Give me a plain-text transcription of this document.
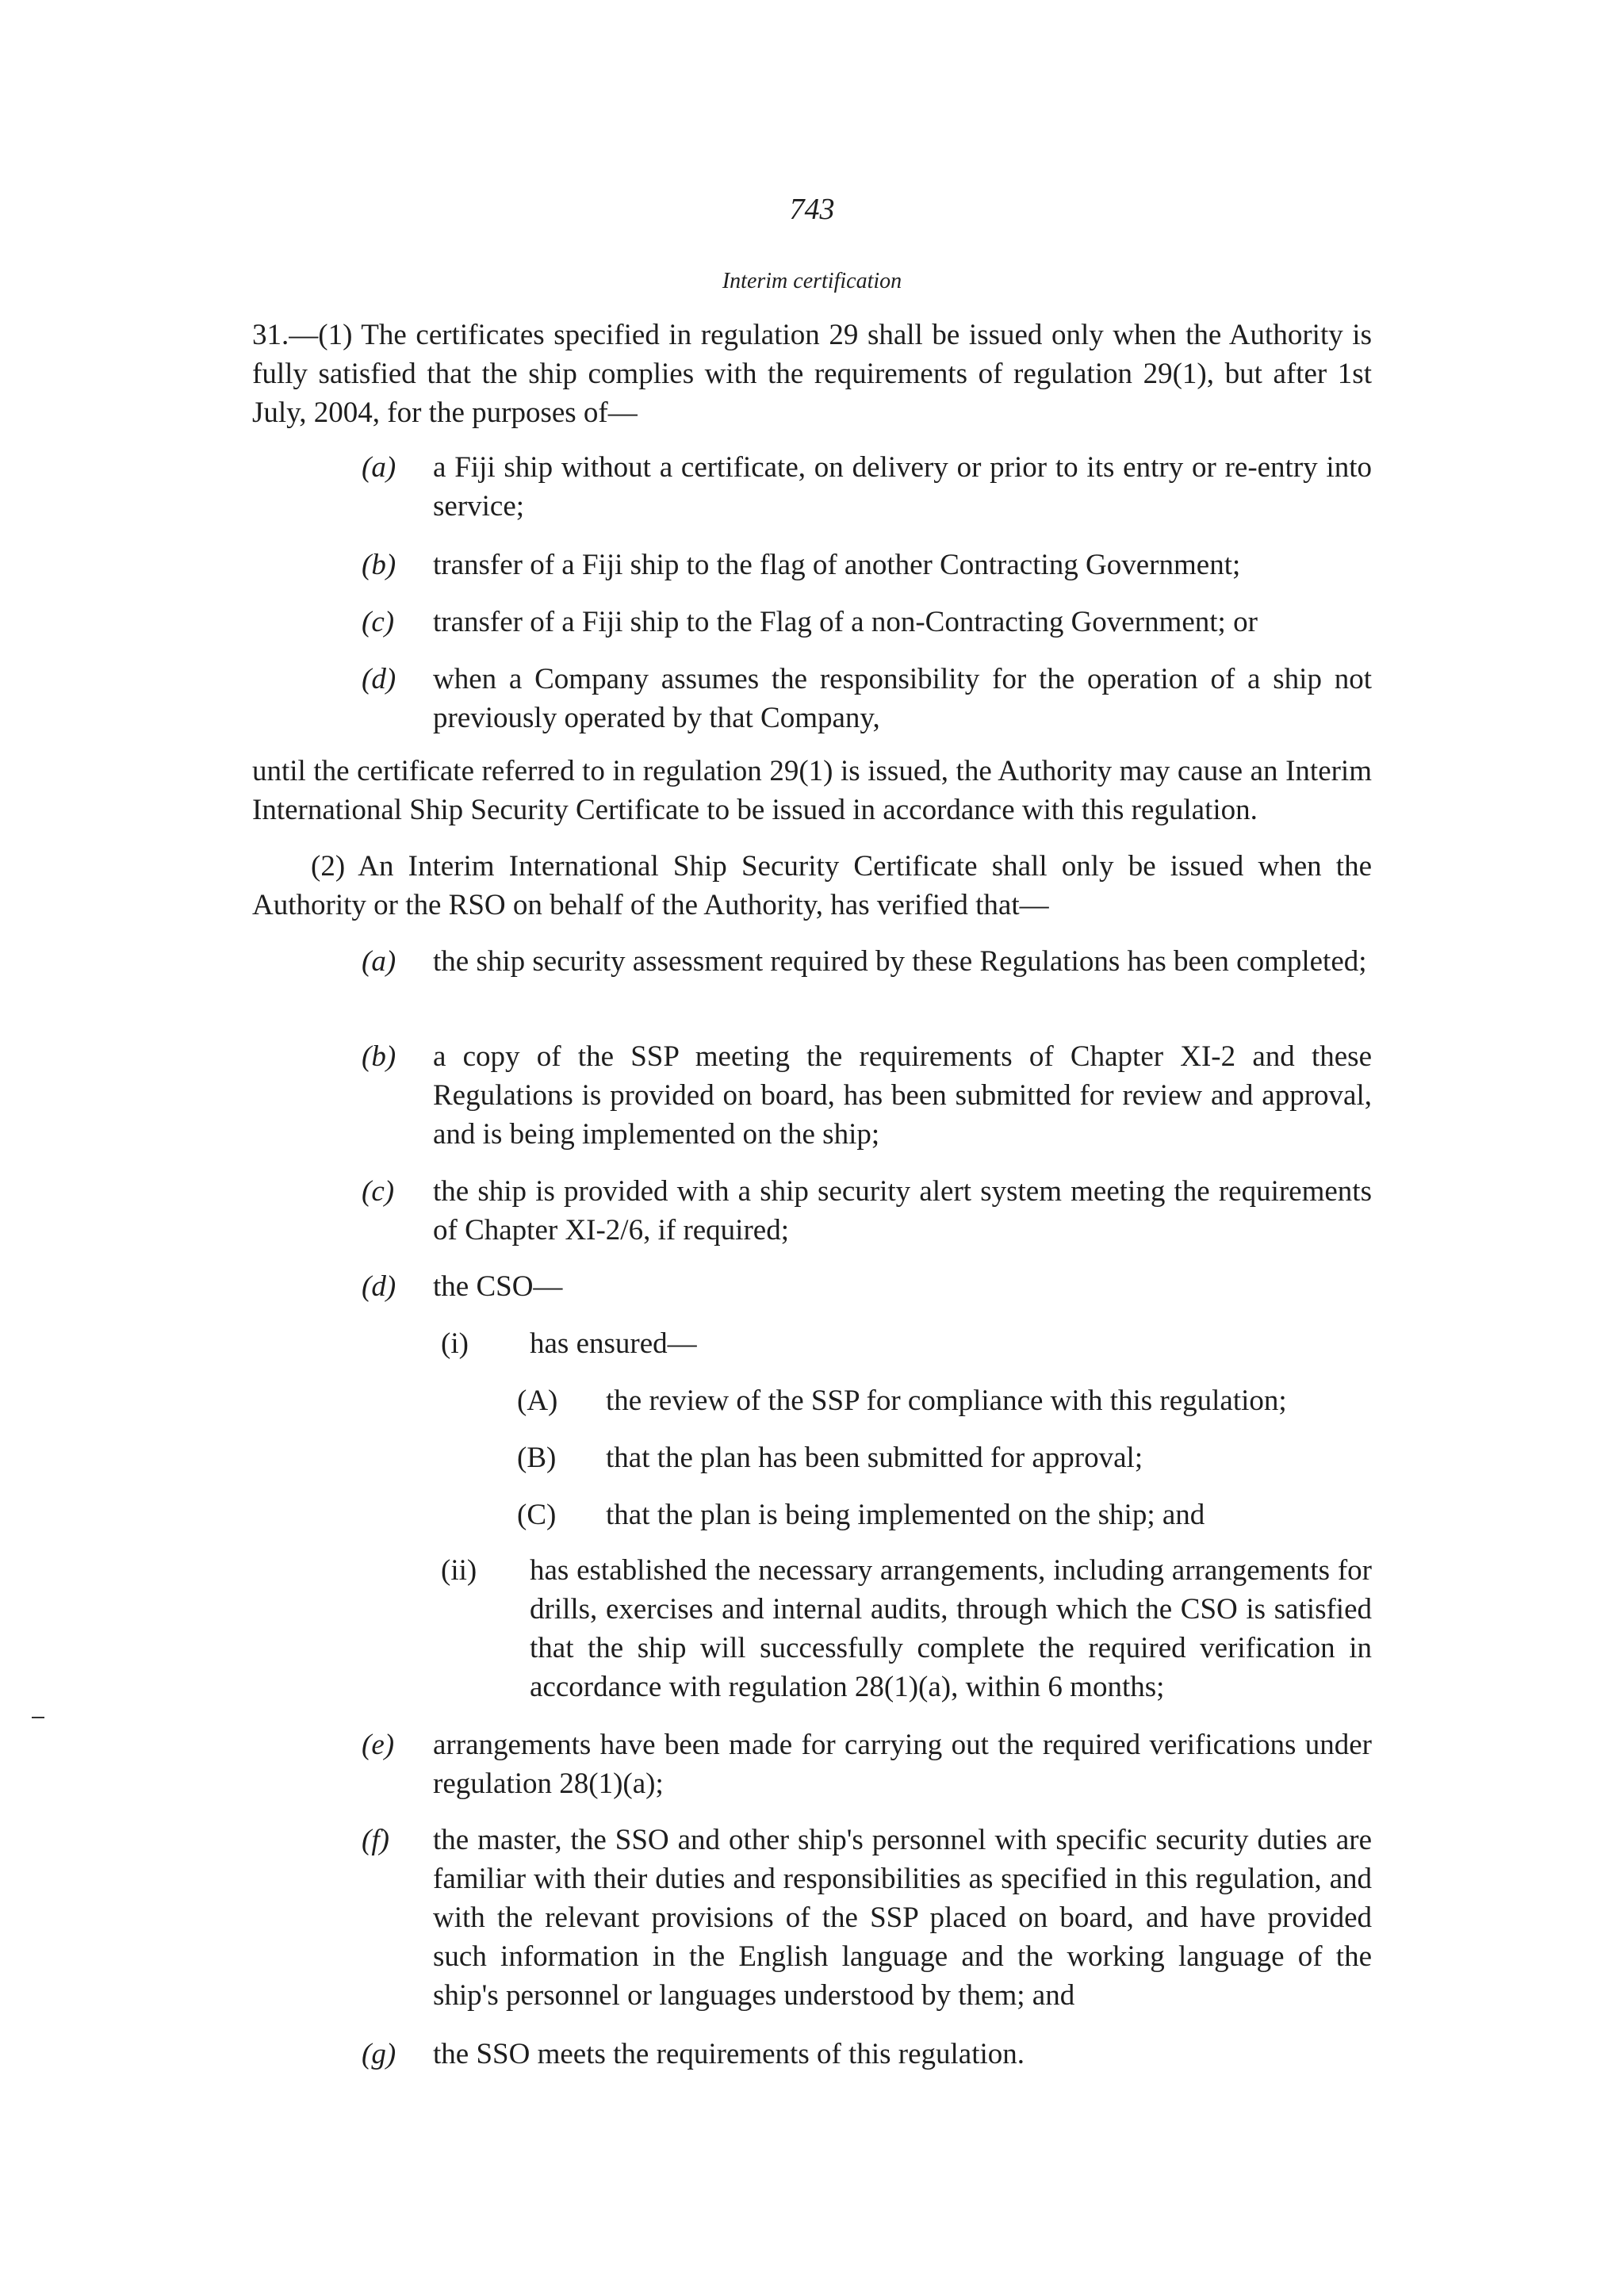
743
Interim certification
31.—(1) The certificates specified in regulation 29 shall be issued only when the Authority is fully satisfied that the ship complies with the requirements of regulation 29(1), but after 1st July, 2004, for the purposes of—
(a) a Fiji ship without a certificate, on delivery or prior to its entry or re-entry into service;
(b) transfer of a Fiji ship to the flag of another Contracting Government;
(c) transfer of a Fiji ship to the Flag of a non-Contracting Government; or
(d) when a Company assumes the responsibility for the operation of a ship not previously operated by that Company,
until the certificate referred to in regulation 29(1) is issued, the Authority may cause an Interim International Ship Security Certificate to be issued in accordance with this regulation.
(2) An Interim International Ship Security Certificate shall only be issued when the Authority or the RSO on behalf of the Authority, has verified that—
(a) the ship security assessment required by these Regulations has been completed;
(b) a copy of the SSP meeting the requirements of Chapter XI-2 and these Regulations is provided on board, has been submitted for review and approval, and is being implemented on the ship;
(c) the ship is provided with a ship security alert system meeting the requirements of Chapter XI-2/6, if required;
(d) the CSO—
(i) has ensured—
(A) the review of the SSP for compliance with this regulation;
(B) that the plan has been submitted for approval;
(C) that the plan is being implemented on the ship; and
(ii) has established the necessary arrangements, including arrangements for drills, exercises and internal audits, through which the CSO is satisfied that the ship will successfully complete the required verification in accordance with regulation 28(1)(a), within 6 months;
(e) arrangements have been made for carrying out the required verifications under regulation 28(1)(a);
(f) the master, the SSO and other ship's personnel with specific security duties are familiar with their duties and responsibilities as specified in this regulation, and with the relevant provisions of the SSP placed on board, and have provided such information in the English language and the working language of the ship's personnel or languages understood by them; and
(g) the SSO meets the requirements of this regulation.
